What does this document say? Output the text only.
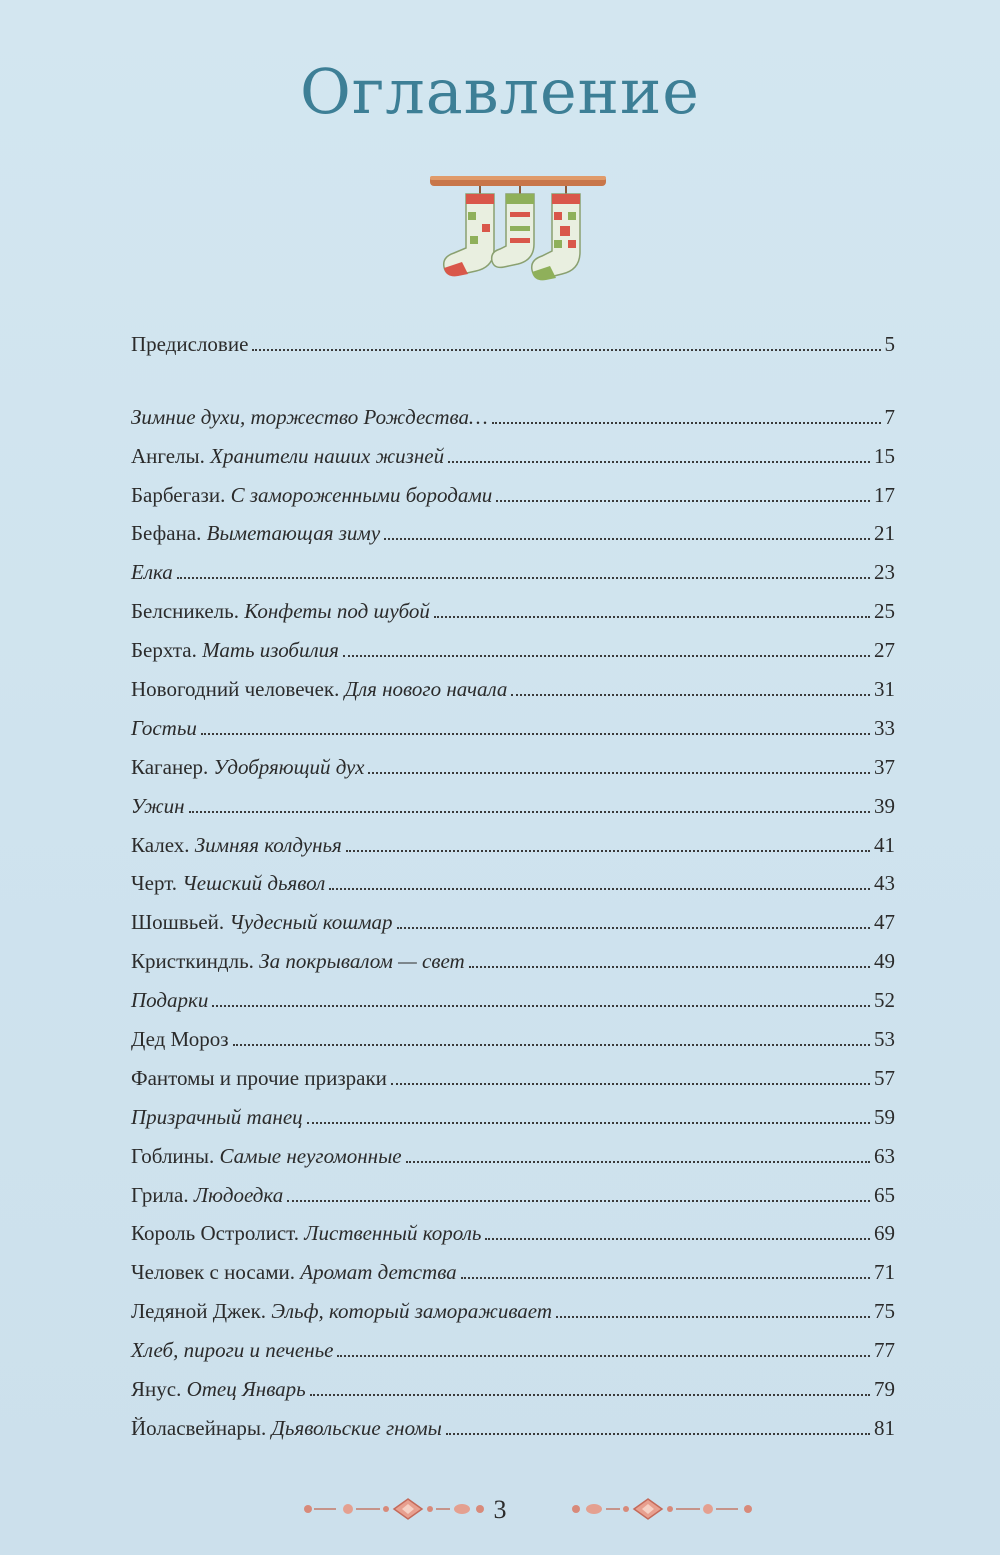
Оглавление
Предисловие	5
Зимние духи, торжество Рождества…	7
Ангелы. Хранители наших жизней	15
Барбегази. С замороженными бородами	17
Бефана. Выметающая зиму	21
Елка	23
Белсникель. Конфеты под шубой	25
Берхта. Мать изобилия	27
Новогодний человечек. Для нового начала	31
Гостьи	33
Каганер. Удобряющий дух	37
Ужин	39
Калех. Зимняя колдунья	41
Черт. Чешский дьявол	43
Шошвьей. Чудесный кошмар	47
Кристкиндль. За покрывалом — свет	49
Подарки	52
Дед Мороз	53
Фантомы и прочие призраки	57
Призрачный танец	59
Гоблины. Самые неугомонные	63
Грила. Людоедка	65
Король Остролист. Лиственный король	69
Человек с носами. Аромат детства	71
Ледяной Джек. Эльф, который замораживает	75
Хлеб, пироги и печенье	77
Янус. Отец Январь	79
Йоласвейнары. Дьявольские гномы	81
3
